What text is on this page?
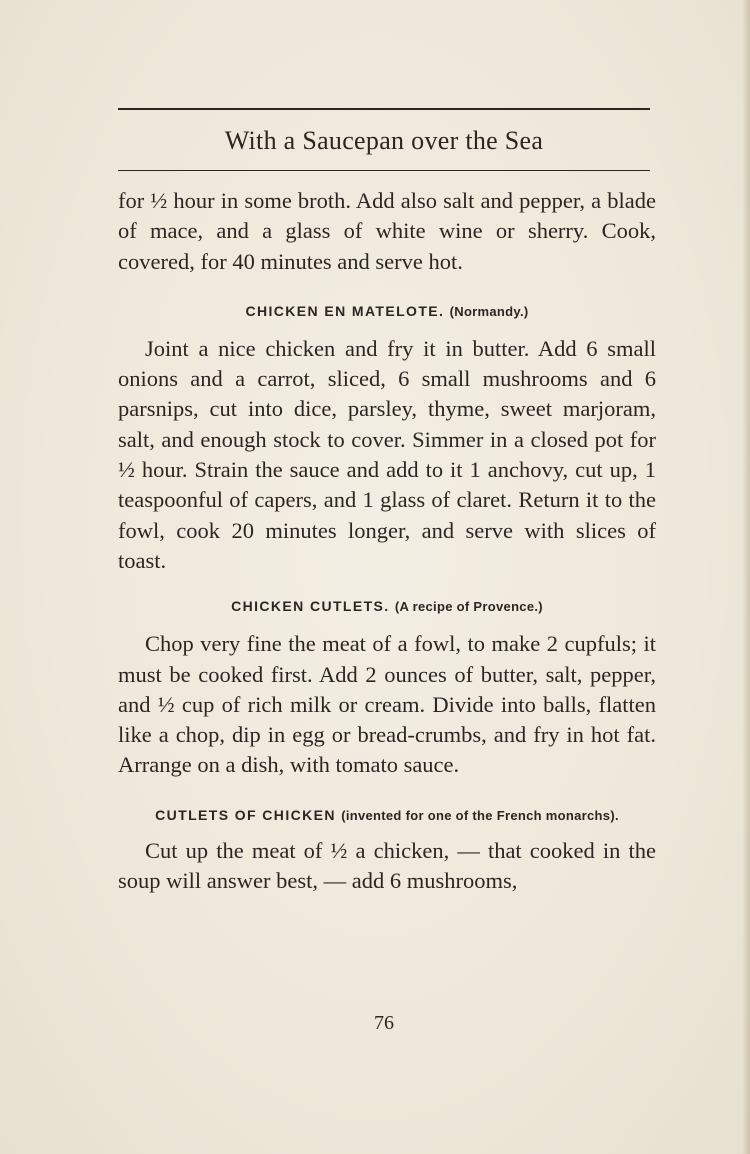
With a Saucepan over the Sea

for ½ hour in some broth. Add also salt and pepper, a blade of mace, and a glass of white wine or sherry. Cook, covered, for 40 minutes and serve hot.

CHICKEN EN MATELOTE. (Normandy.)

Joint a nice chicken and fry it in butter. Add 6 small onions and a carrot, sliced, 6 small mushrooms and 6 parsnips, cut into dice, parsley, thyme, sweet marjoram, salt, and enough stock to cover. Simmer in a closed pot for ½ hour. Strain the sauce and add to it 1 anchovy, cut up, 1 teaspoonful of capers, and 1 glass of claret. Return it to the fowl, cook 20 minutes longer, and serve with slices of toast.

CHICKEN CUTLETS. (A recipe of Provence.)

Chop very fine the meat of a fowl, to make 2 cupfuls; it must be cooked first. Add 2 ounces of butter, salt, pepper, and ½ cup of rich milk or cream. Divide into balls, flatten like a chop, dip in egg or bread-crumbs, and fry in hot fat. Arrange on a dish, with tomato sauce.

CUTLETS OF CHICKEN (invented for one of the French monarchs).

Cut up the meat of ½ a chicken, — that cooked in the soup will answer best, — add 6 mushrooms,

76
